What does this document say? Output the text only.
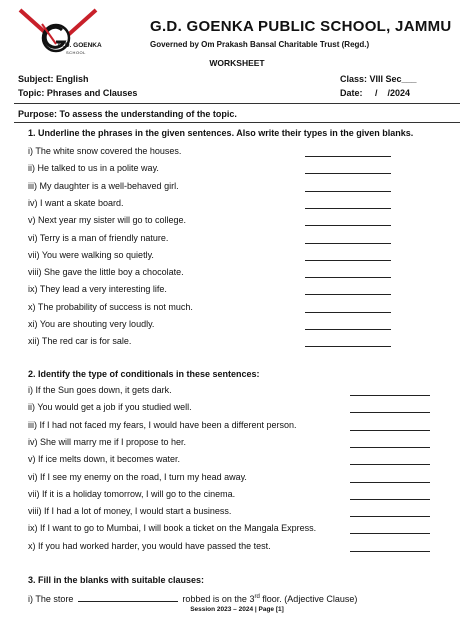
G.D. GOENKA
SCHOOL
G.D. GOENKA PUBLIC SCHOOL, JAMMU
Governed by Om Prakash Bansal Charitable Trust (Regd.)
WORKSHEET
Subject: English	Class: VIII Sec___
Topic: Phrases and Clauses	Date:     /    /2024
Purpose: To assess the understanding of the topic.
1. Underline the phrases in the given sentences. Also write their types in the given blanks.
i) The white snow covered the houses.
ii) He talked to us in a polite way.
iii) My daughter is a well-behaved girl.
iv) I want a skate board.
v) Next year my sister will go to college.
vi) Terry is a man of friendly nature.
vii) You were walking so quietly.
viii) She gave the little boy a chocolate.
ix) They lead a very interesting life.
x) The probability of success is not much.
xi) You are shouting very loudly.
xii) The red car is for sale.
2. Identify the type of conditionals in these sentences:
i) If the Sun goes down, it gets dark.
ii) You would get a job if you studied well.
iii) If I had not faced my fears, I would have been a different person.
iv) She will marry me if I propose to her.
v) If ice melts down, it becomes water.
vi) If I see my enemy on the road, I turn my head away.
vii) If it is a holiday tomorrow, I will go to the cinema.
viii) If I had a lot of money, I would start a business.
ix) If I want to go to Mumbai, I will book a ticket on the Mangala Express.
x) If you had worked harder, you would have passed the test.
3. Fill in the blanks with suitable clauses:
i) The store	robbed is on the 3rd floor. (Adjective Clause)
Session 2023 – 2024 | Page [1]
